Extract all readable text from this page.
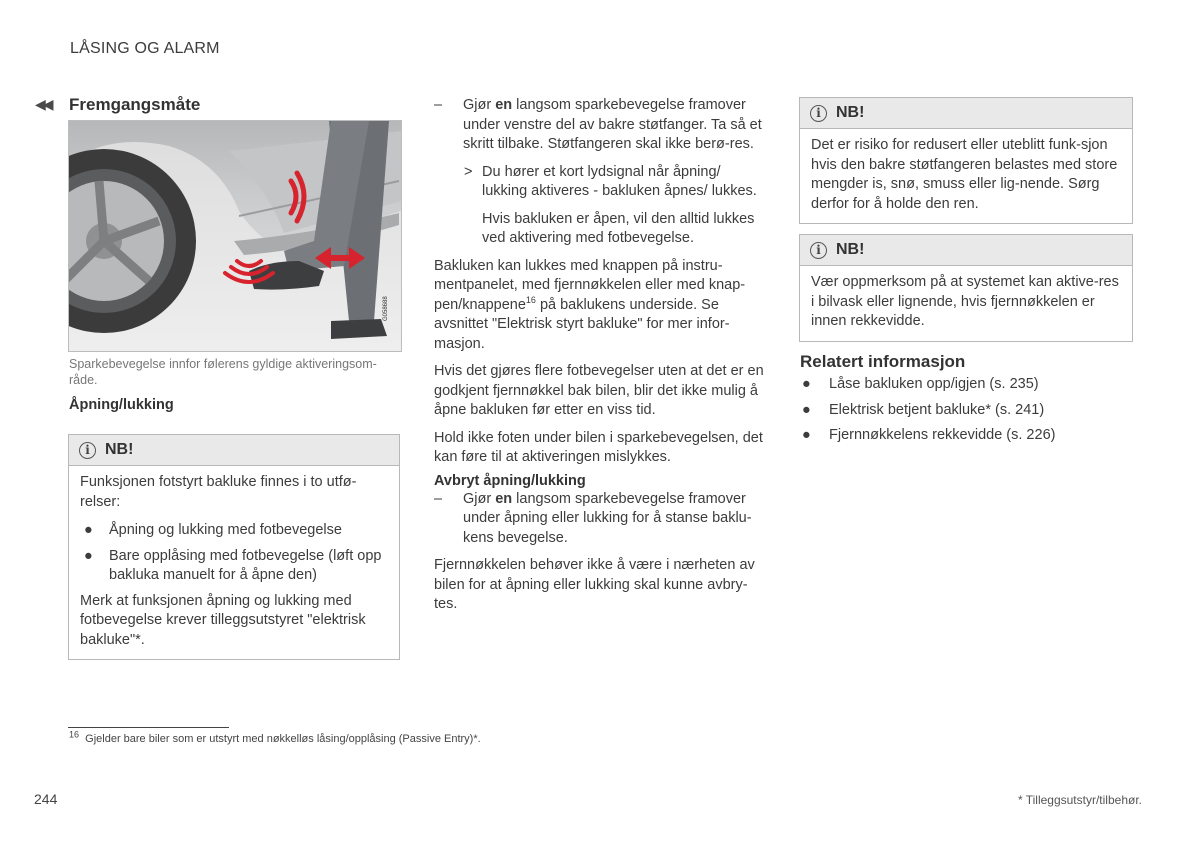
LÅSING OG ALARM
◀◀ Fremgangsmåte
G058688
Sparkebevegelse innfor følerens gyldige aktiveringsom-råde.
Åpning/lukking
i NB!

Funksjonen fotstyrt bakluke finnes i to utfø-relser:

● Åpning og lukking med fotbevegelse
● Bare opplåsing med fotbevegelse (løft opp bakluka manuelt for å åpne den)

Merk at funksjonen åpning og lukking med fotbevegelse krever tilleggsutstyret "elektrisk bakluke"*.

– Gjør en langsom sparkebevegelse framover under venstre del av bakre støtfanger. Ta så et skritt tilbake. Støtfangeren skal ikke berø-res.
> Du hører et kort lydsignal når åpning/ lukking aktiveres - bakluken åpnes/ lukkes.

Hvis bakluken er åpen, vil den alltid lukkes ved aktivering med fotbevegelse.

Bakluken kan lukkes med knappen på instru-mentpanelet, med fjernnøkkelen eller med knap-pen/knappene$^{16}$ på baklukens underside. Se avsnittet "Elektrisk styrt bakluke" for mer infor-masjon.

Hvis det gjøres flere fotbevegelser uten at det er en godkjent fjernnøkkel bak bilen, blir det ikke mulig å åpne bakluken før etter en viss tid.

Hold ikke foten under bilen i sparkebevegelsen, det kan føre til at aktiveringen mislykkes.

Avbryt åpning/lukking
– Gjør en langsom sparkebevegelse framover under åpning eller lukking for å stanse baklu-kens bevegelse.

Fjernnøkkelen behøver ikke å være i nærheten av bilen for at åpning eller lukking skal kunne avbry-tes.

i NB!

Det er risiko for redusert eller uteblitt funk-sjon hvis den bakre støtfangeren belastes med store mengder is, snø, smuss eller lig-nende. Sørg derfor for å holde den ren.

i NB!

Vær oppmerksom på at systemet kan aktive-res i bilvask eller lignende, hvis fjernnøkkelen er innen rekkevidde.

Relatert informasjon
● Låse bakluken opp/igjen (s. 235)
● Elektrisk betjent bakluke* (s. 241)
● Fjernnøkkelens rekkevidde (s. 226)
$^{16}$ Gjelder bare biler som er utstyrt med nøkkelløs låsing/opplåsing (Passive Entry)*.
244	* Tilleggsutstyr/tilbehør.
